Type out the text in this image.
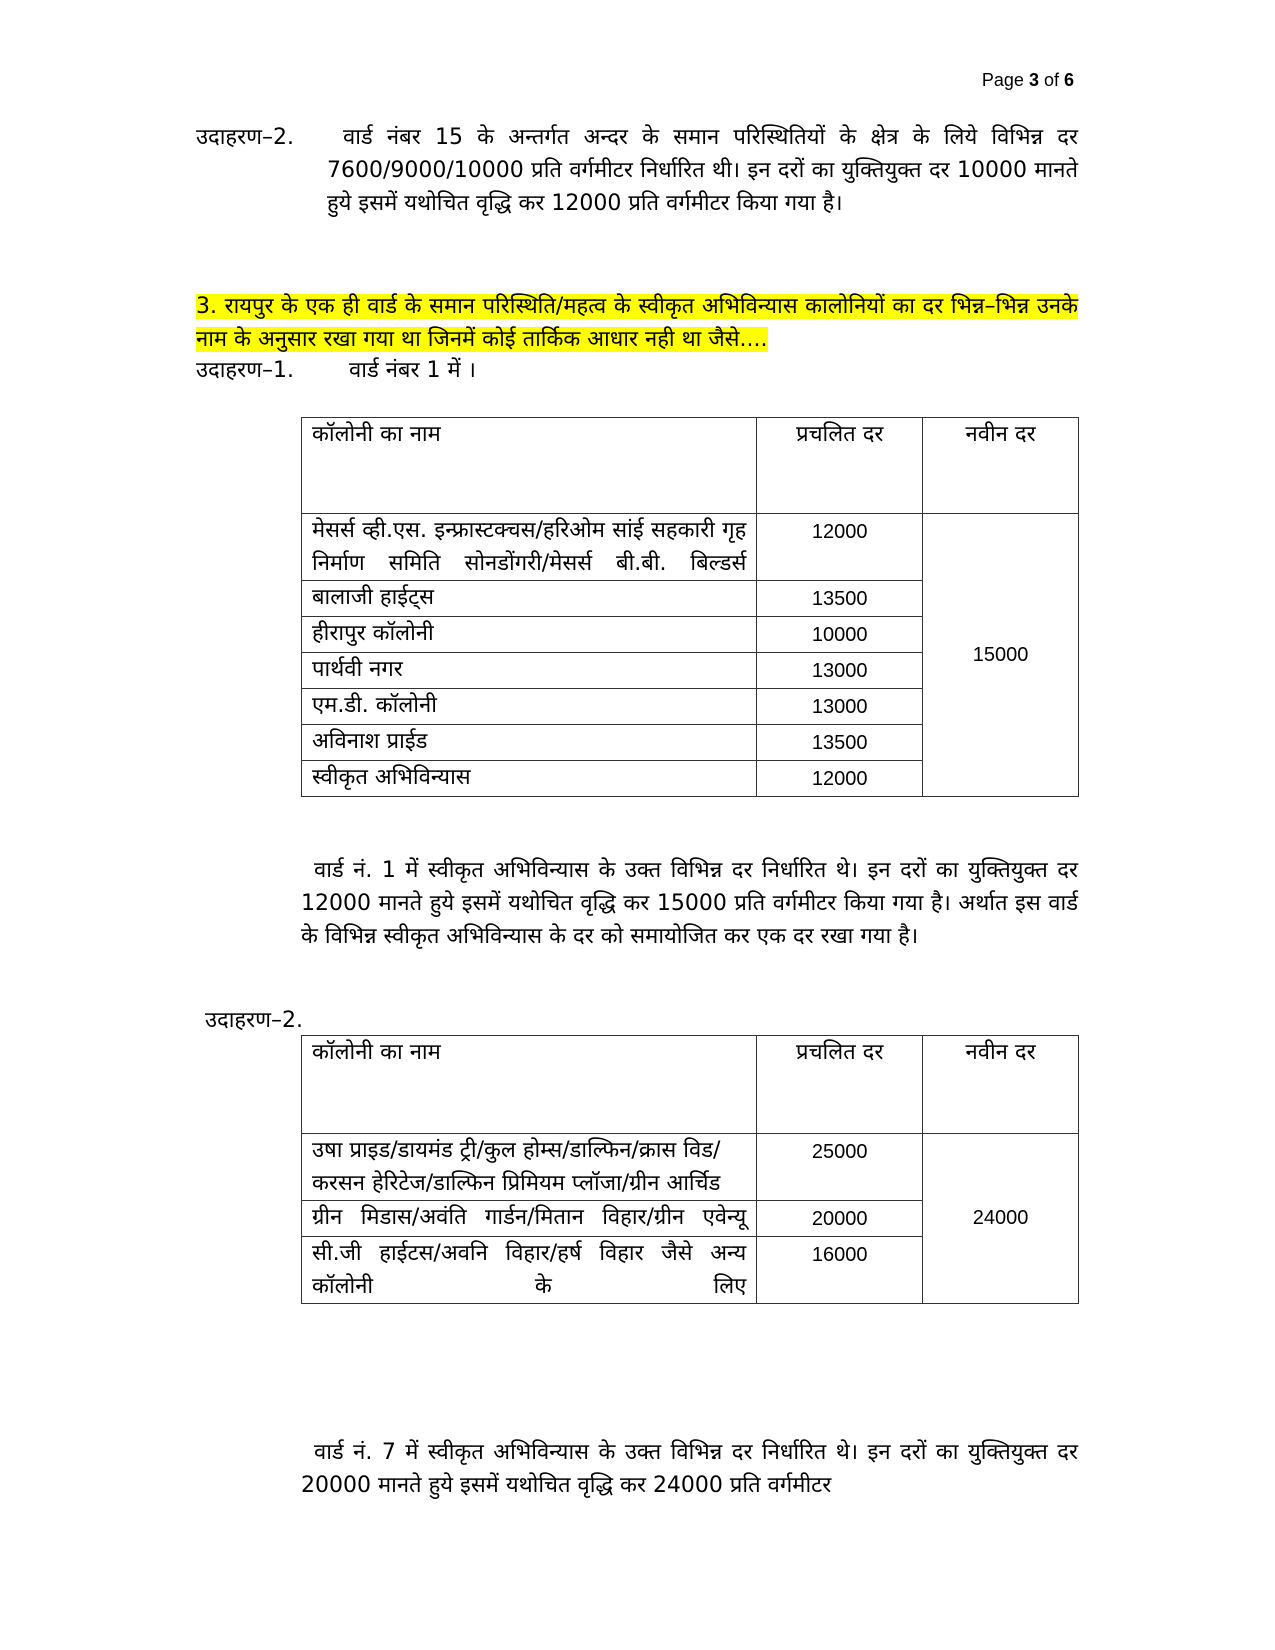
Page 3 of 6
उदाहरण–2.	वार्ड नंबर 15 के अन्तर्गत अन्दर के समान परिस्थितियों के क्षेत्र के लिये विभिन्न दर 7600/9000/10000 प्रति वर्गमीटर निर्धारित थी। इन दरों का युक्तियुक्त दर 10000 मानते हुये इसमें यथोचित वृद्धि कर 12000 प्रति वर्गमीटर किया गया है।
3. रायपुर के एक ही वार्ड के समान परिस्थिति/महत्व के स्वीकृत अभिविन्यास कालोनियों का दर भिन्न–भिन्न उनके नाम के अनुसार रखा गया था जिनमें कोई तार्किक आधार नही था जैसे....
उदाहरण–1.	वार्ड नंबर 1 में ।
कॉलोनी का नाम	प्रचलित दर	नवीन दर
मेसर्स व्ही.एस. इन्फ्रास्टक्चस/हरिओम सांई सहकारी गृह निर्माण समिति सोनडोंगरी/मेसर्स बी.बी. बिल्डर्स	12000	15000
बालाजी हाईट्स	13500	
हीरापुर कॉलोनी	10000	
पार्थवी नगर	13000	
एम.डी. कॉलोनी	13000	
अविनाश प्राईड	13500	
स्वीकृत अभिविन्यास	12000	
वार्ड नं. 1 में स्वीकृत अभिविन्यास के उक्त विभिन्न दर निर्धारित थे। इन दरों का युक्तियुक्त दर 12000 मानते हुये इसमें यथोचित वृद्धि कर 15000 प्रति वर्गमीटर किया गया है। अर्थात इस वार्ड के विभिन्न स्वीकृत अभिविन्यास के दर को समायोजित कर एक दर रखा गया है।
उदाहरण–2.
कॉलोनी का नाम	प्रचलित दर	नवीन दर
उषा प्राइड/डायमंड ट्री/कुल होम्स/डाल्फिन/क्रास विड/करसन हेरिटेज/डाल्फिन प्रिमियम प्लॉजा/ग्रीन आर्चिड	25000	24000
ग्रीन मिडास/अवंति गार्डन/मितान विहार/ग्रीन एवेन्यू	20000	
सी.जी हाईटस/अवनि विहार/हर्ष विहार जैसे अन्य कॉलोनी के लिए	16000	
वार्ड नं. 7 में स्वीकृत अभिविन्यास के उक्त विभिन्न दर निर्धारित थे। इन दरों का युक्तियुक्त दर 20000 मानते हुये इसमें यथोचित वृद्धि कर 24000 प्रति वर्गमीटर
